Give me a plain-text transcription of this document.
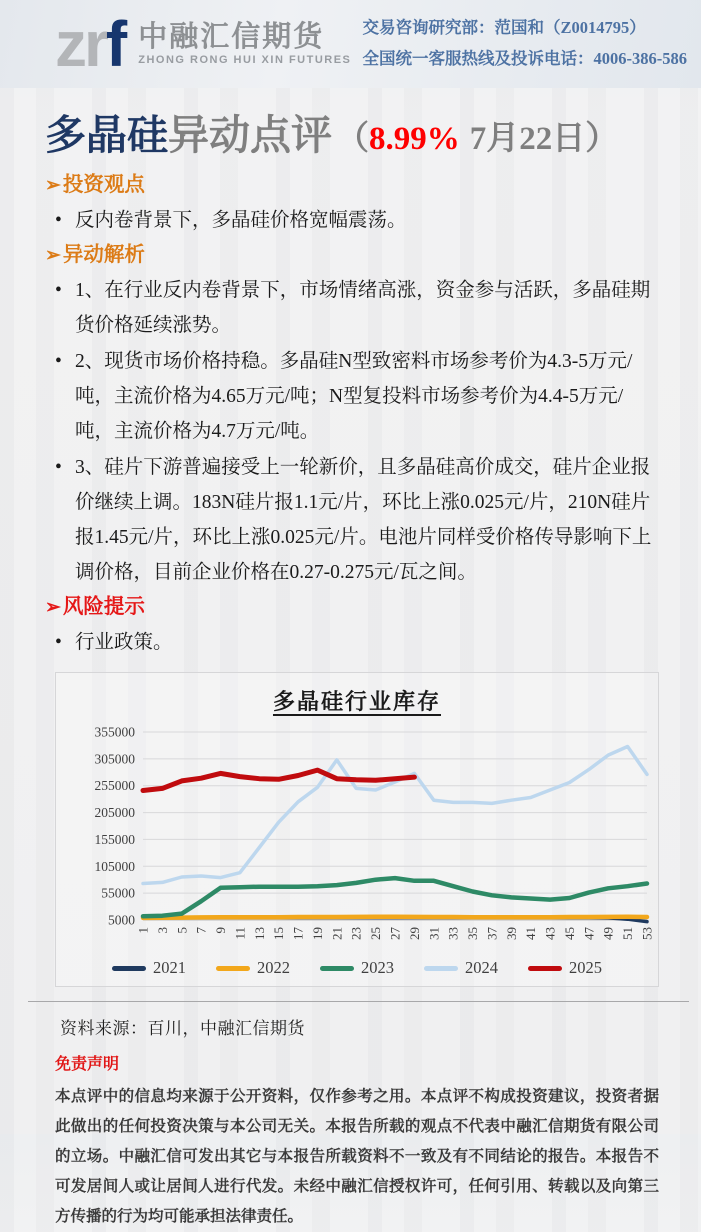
zrf 中融汇信期货
ZHONG RONG HUI XIN FUTURES
交易咨询研究部：范国和（Z0014795）
全国统一客服热线及投诉电话：4006-386-586
多晶硅异动点评 （8.99% 7月22日）
➢ 投资观点
• 反内卷背景下，多晶硅价格宽幅震荡。
➢ 异动解析
• 1、在行业反内卷背景下，市场情绪高涨，资金参与活跃，多晶硅期货价格延续涨势。
• 2、现货市场价格持稳。多晶硅N型致密料市场参考价为4.3-5万元/吨，主流价格为4.65万元/吨；N型复投料市场参考价为4.4-5万元/吨，主流价格为4.7万元/吨。
• 3、硅片下游普遍接受上一轮新价，且多晶硅高价成交，硅片企业报价继续上调。183N硅片报1.1元/片，环比上涨0.025元/片，210N硅片报1.45元/片，环比上涨0.025元/片。电池片同样受价格传导影响下上调价格，目前企业价格在0.27-0.275元/瓦之间。
➢ 风险提示
• 行业政策。
多晶硅行业库存
5000
55000
105000
155000
205000
255000
305000
355000
1 3 5 7 9 11 13 15 17 19 21 23 25 27 29 31 33 35 37 39 41 43 45 47 49 51 53
2021	2022	2023	2024	2025
资料来源：百川，中融汇信期货
免责声明
本点评中的信息均来源于公开资料，仅作参考之用。本点评不构成投资建议，投资者据此做出的任何投资决策与本公司无关。本报告所载的观点不代表中融汇信期货有限公司的立场。中融汇信可发出其它与本报告所载资料不一致及有不同结论的报告。本报告不可发居间人或让居间人进行代发。未经中融汇信授权许可，任何引用、转载以及向第三方传播的行为均可能承担法律责任。
